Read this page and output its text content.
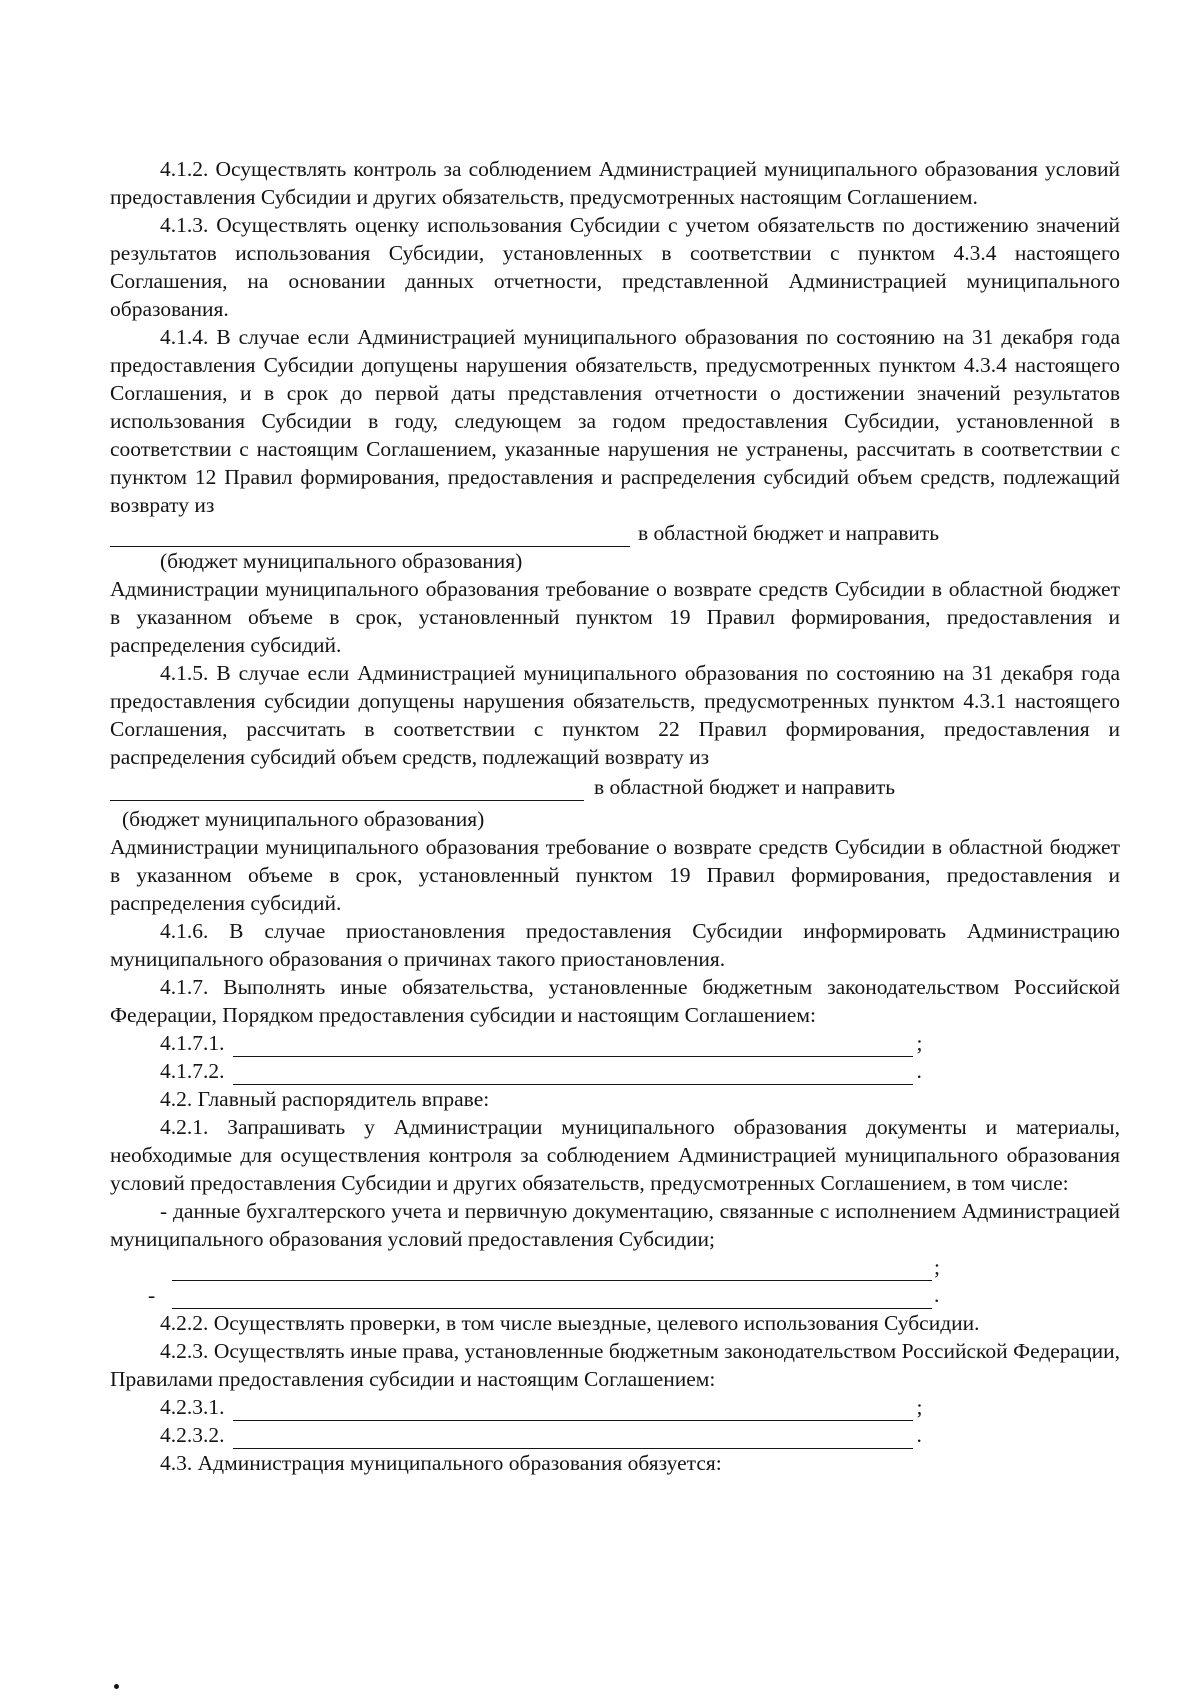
4.1.2. Осуществлять контроль за соблюдением Администрацией муниципального образования условий предоставления Субсидии и других обязательств, предусмотренных настоящим Соглашением.

4.1.3. Осуществлять оценку использования Субсидии с учетом обязательств по достижению значений результатов использования Субсидии, установленных в соответствии с пунктом 4.3.4 настоящего Соглашения, на основании данных отчетности, представленной Администрацией муниципального образования.

4.1.4. В случае если Администрацией муниципального образования по состоянию на 31 декабря года предоставления Субсидии допущены нарушения обязательств, предусмотренных пунктом 4.3.4 настоящего Соглашения, и в срок до первой даты представления отчетности о достижении значений результатов использования Субсидии в году, следующем за годом предоставления Субсидии, установленной в соответствии с настоящим Соглашением, указанные нарушения не устранены, рассчитать в соответствии с пунктом 12 Правил формирования, предоставления и распределения субсидий объем средств, подлежащий возврату из

в областной бюджет и направить

(бюджет муниципального образования)

Администрации муниципального образования требование о возврате средств Субсидии в областной бюджет в указанном объеме в срок, установленный пунктом 19 Правил формирования, предоставления и распределения субсидий.

4.1.5. В случае если Администрацией муниципального образования по состоянию на 31 декабря года предоставления субсидии допущены нарушения обязательств, предусмотренных пунктом 4.3.1 настоящего Соглашения, рассчитать в соответствии с пунктом 22 Правил формирования, предоставления и распределения субсидий объем средств, подлежащий возврату из

в областной бюджет и направить

(бюджет муниципального образования)

Администрации муниципального образования требование о возврате средств Субсидии в областной бюджет в указанном объеме в срок, установленный пунктом 19 Правил формирования, предоставления и распределения субсидий.

4.1.6. В случае приостановления предоставления Субсидии информировать Администрацию муниципального образования о причинах такого приостановления.

4.1.7. Выполнять иные обязательства, установленные бюджетным законодательством Российской Федерации, Порядком предоставления субсидии и настоящим Соглашением:

4.1.7.1.	;
4.1.7.2.	.

4.2. Главный распорядитель вправе:

4.2.1. Запрашивать у Администрации муниципального образования документы и материалы, необходимые для осуществления контроля за соблюдением Администрацией муниципального образования условий предоставления Субсидии и других обязательств, предусмотренных Соглашением, в том числе:

- данные бухгалтерского учета и первичную документацию, связанные с исполнением Администрацией муниципального образования условий предоставления Субсидии;

;
-	.

4.2.2. Осуществлять проверки, в том числе выездные, целевого использования Субсидии.

4.2.3. Осуществлять иные права, установленные бюджетным законодательством Российской Федерации, Правилами предоставления субсидии и настоящим Соглашением:

4.2.3.1.	;
4.2.3.2.	.

4.3. Администрация муниципального образования обязуется:
